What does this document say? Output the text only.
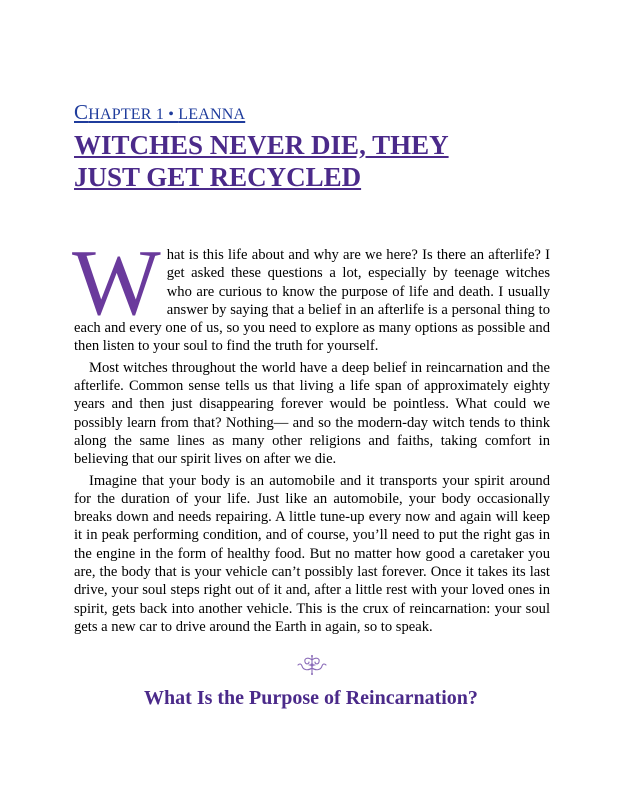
CHAPTER 1 • LEANNA
WITCHES NEVER DIE, THEY
JUST GET RECYCLED

What is this life about and why are we here? Is there an afterlife? I get asked these questions a lot, especially by teenage witches who are curious to know the purpose of life and death. I usually answer by saying that a belief in an afterlife is a personal thing to each and every one of us, so you need to explore as many options as possible and then listen to your soul to find the truth for yourself.

Most witches throughout the world have a deep belief in reincarnation and the afterlife. Common sense tells us that living a life span of approximately eighty years and then just disappearing forever would be pointless. What could we possibly learn from that? Nothing— and so the modern-day witch tends to think along the same lines as many other religions and faiths, taking comfort in believing that our spirit lives on after we die.

Imagine that your body is an automobile and it transports your spirit around for the duration of your life. Just like an automobile, your body occasionally breaks down and needs repairing. A little tune-up every now and again will keep it in peak performing condition, and of course, you’ll need to put the right gas in the engine in the form of healthy food. But no matter how good a caretaker you are, the body that is your vehicle can’t possibly last forever. Once it takes its last drive, your soul steps right out of it and, after a little rest with your loved ones in spirit, gets back into another vehicle. This is the crux of reincarnation: your soul gets a new car to drive around the Earth in again, so to speak.

What Is the Purpose of Reincarnation?
